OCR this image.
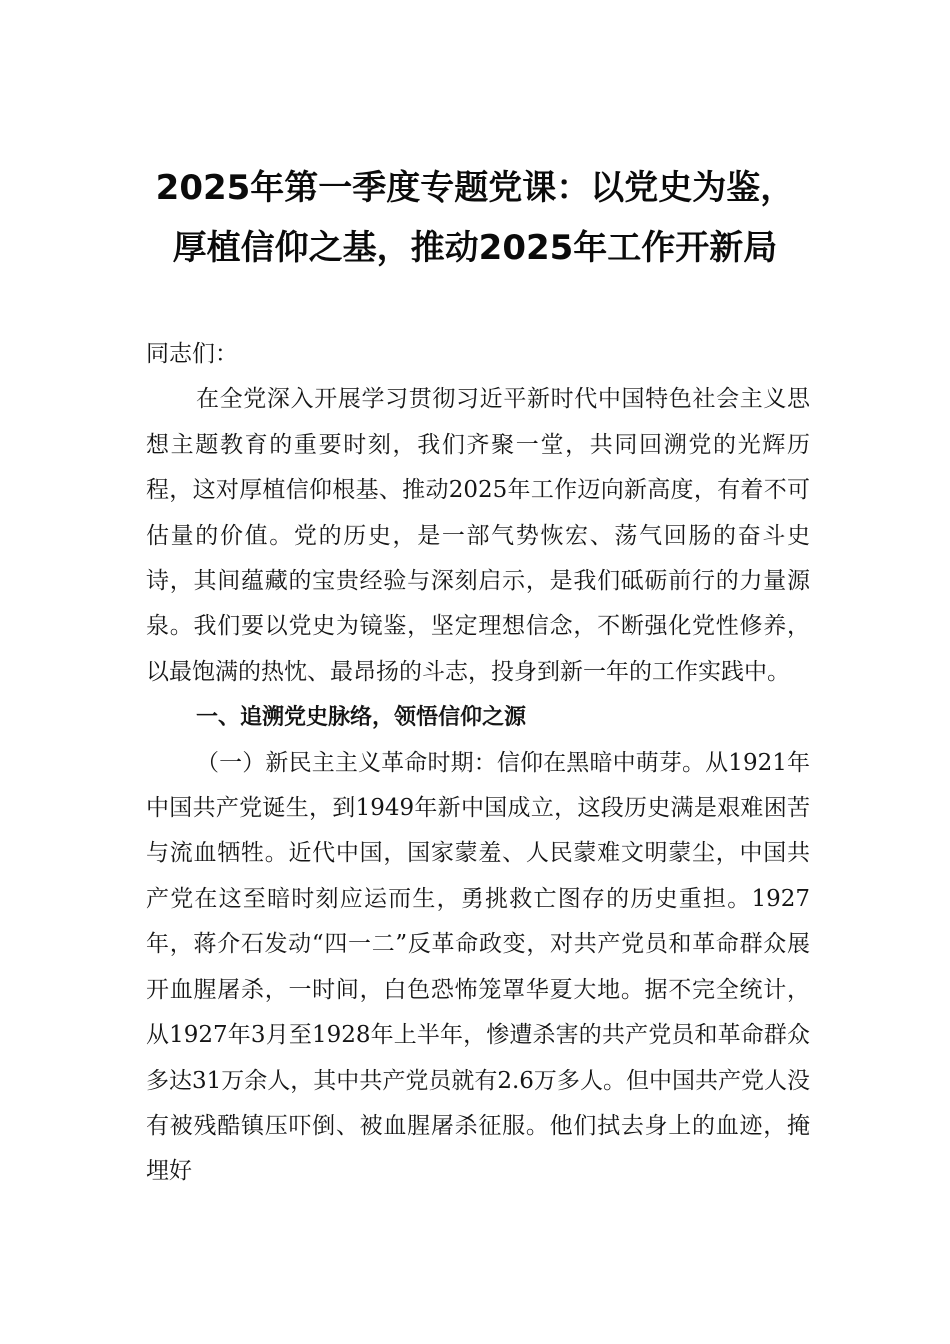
2025年第一季度专题党课：以党史为鉴，
厚植信仰之基，推动2025年工作开新局

同志们：

在全党深入开展学习贯彻习近平新时代中国特色社会主义思想主题教育的重要时刻，我们齐聚一堂，共同回溯党的光辉历程，这对厚植信仰根基、推动2025年工作迈向新高度，有着不可估量的价值。党的历史，是一部气势恢宏、荡气回肠的奋斗史诗，其间蕴藏的宝贵经验与深刻启示，是我们砥砺前行的力量源泉。我们要以党史为镜鉴，坚定理想信念，不断强化党性修养，以最饱满的热忱、最昂扬的斗志，投身到新一年的工作实践中。

一、追溯党史脉络，领悟信仰之源

（一）新民主主义革命时期：信仰在黑暗中萌芽。从1921年中国共产党诞生，到1949年新中国成立，这段历史满是艰难困苦与流血牺牲。近代中国，国家蒙羞、人民蒙难文明蒙尘，中国共产党在这至暗时刻应运而生，勇挑救亡图存的历史重担。1927年，蒋介石发动“四一二”反革命政变，对共产党员和革命群众展开血腥屠杀，一时间，白色恐怖笼罩华夏大地。据不完全统计，从1927年3月至1928年上半年，惨遭杀害的共产党员和革命群众多达31万余人，其中共产党员就有2.6万多人。但中国共产党人没有被残酷镇压吓倒、被血腥屠杀征服。他们拭去身上的血迹，掩埋好
